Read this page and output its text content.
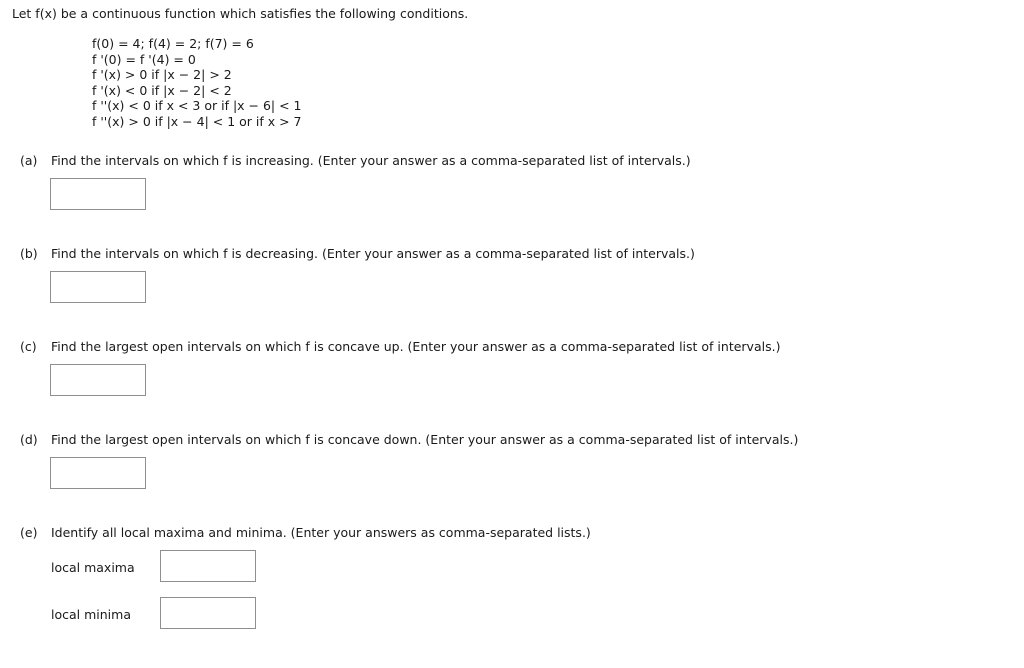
Let f(x) be a continuous function which satisfies the following conditions.
f(0) = 4; f(4) = 2; f(7) = 6
f '(0) = f '(4) = 0
f '(x) > 0 if |x − 2| > 2
f '(x) < 0 if |x − 2| < 2
f ''(x) < 0 if x < 3 or if |x − 6| < 1
f ''(x) > 0 if |x − 4| < 1 or if x > 7
(a) Find the intervals on which f is increasing. (Enter your answer as a comma-separated list of intervals.)
(b) Find the intervals on which f is decreasing. (Enter your answer as a comma-separated list of intervals.)
(c) Find the largest open intervals on which f is concave up. (Enter your answer as a comma-separated list of intervals.)
(d) Find the largest open intervals on which f is concave down. (Enter your answer as a comma-separated list of intervals.)
(e) Identify all local maxima and minima. (Enter your answers as comma-separated lists.)
local maxima
local minima
